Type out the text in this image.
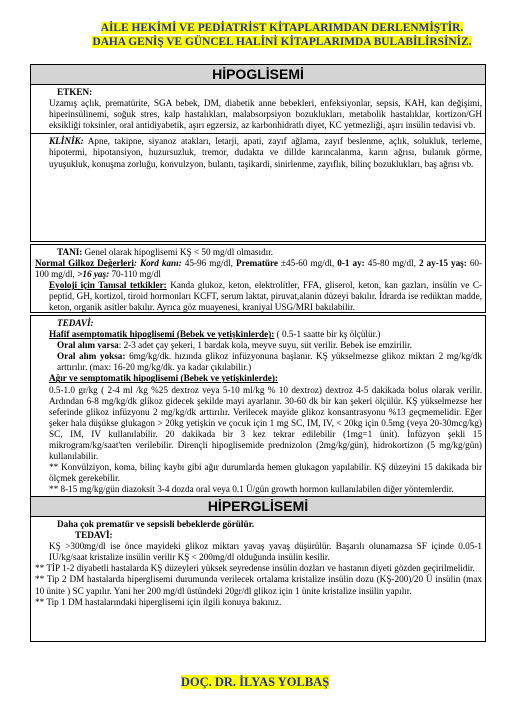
AİLE HEKİMİ VE PEDİATRİST KİTAPLARIMDAN DERLENMİŞTİR.
DAHA GENİŞ VE GÜNCEL HALİNİ KİTAPLARIMDA BULABİLİRSİNİZ.
HİPOGLİSEMİ

ETKEN:

Uzamış açlık, prematürite, SGA bebek, DM, diabetik anne bebekleri, enfeksiyonlar, sepsis, KAH, kan değişimi, hiperinsülinemi, soğuk stres, kalp hastalıkları, malabsorpsiyon bozuklukları, metabolik hastalıklar, kortizon/GH eksikliği toksinler, oral antidiyabetik, aşırı egzersiz, az karbonhidratlı diyet, KC yetmezliği, aşırı insülin tedavisi vb.

KLİNİK: Apne, takipne, siyanoz atakları, letarji, apati, zayıf ağlama, zayıf beslenme, açlık, solukluk, terleme, hipotermi, hipotansiyon, huzursuzluk, tremor, dudakta ve dillde karıncalanma, karın ağrısı, bulanık görme, uyuşukluk, konuşma zorluğu, konvulzyon, bulantı, taşikardi, sinirlenme, zayıflık, bilinç bozuklukları, baş ağrısı vb.

TANI: Genel olarak hipoglisemi KŞ < 50 mg/dl olmasıdır.

Normal Gilkoz Değerleri: Kord kanı: 45-96 mg/dl, Prematüre ±45-60 mg/dl, 0-1 ay: 45-80 mg/dl, 2 ay-15 yaş: 60-100 mg/dl, >16 yaş: 70-110 mg/dl

Eyoloji için Tanısal tetkikler: Kanda glukoz, keton, elektrolitler, FFA, gliserol, keton, kan gazları, insülin ve C-peptid, GH, kortizol, tiroid hormonları KCFT, serum laktat, piruvat,alanin düzeyi bakılır. İdrarda ise redüktan madde, keton, organik asitler bakılır. Ayrıca göz muayenesi, kraniyal USG/MRI bakılabilir.

TEDAVİ:

Hafif asemptomatik hipoglisemi (Bebek ve yetişkinlerde): ( 0.5-1 saatte bir kş ölçülür.)

Oral alım varsa: 2-3 adet çay şekeri, 1 bardak kola, meyve suyu, süt verilir. Bebek ise emzirilir.

Oral alım yoksa: 6mg/kg/dk. hızında glikoz infüzyonuna başlanır. KŞ yükselmezse glikoz miktarı 2 mg/kg/dk arttırılır. (max: 16-20 mg/kg/dk. ya kadar çıkılabilir.)

Ağır ve semptomatik hipoglisemi (Bebek ve yetişkinlerde):

0.5-1.0 gr/kg ( 2-4 ml /kg %25 dextroz veya 5-10 ml/kg % 10 dextroz) dextroz 4-5 dakikada bolus olarak verilir. Ardından 6-8 mg/kg/dk glikoz gidecek şekilde mayi ayarlanır. 30-60 dk bir kan şekeri ölçülür. KŞ yükselmezse her seferinde glikoz infüzyonu 2 mg/kg/dk arttırılır. Verilecek mayide glikoz konsantrasyonu %13 geçmemelidir. Eğer şeker hala düşükse glukagon > 20kg yetişkin ve çocuk için 1 mg SC, IM, IV, < 20kg için 0.5mg (veya 20-30mcg/kg) SC, IM, IV kullanılabilir. 20 dakikada bir 3 kez tekrar edilebilir (1mg=1 ünit). İnfüzyon şekli 15 mikrogram/kg/saat'ten verilebilir. Dirençli hipoglisemide prednizolon (2mg/kg/gün), hidrokortizon (5 mg/kg/gün) kullanılabilir.

** Konvülziyon, koma, bilinç kaybı gibi ağır durumlarda hemen glukagon yapılabilir. KŞ düzeyini 15 dakikada bir ölçmek gerekebilir.

** 8-15 mg/kg/gün diazoksit 3-4 dozda oral veya 0.1 Ü/gün growth hormon kullanılabilen diğer yöntemlerdir.

HİPERGLİSEMİ

Daha çok prematür ve sepsisli bebeklerde görülür.

TEDAVİ:

KŞ >300mg/dl ise önce mayideki glikoz miktarı yavaş yavaş düşürülür. Başarılı olunamazsa SF içinde 0.05-1 IU/kg/saat kristalize insülin verilir KŞ < 200mg/dl olduğunda insülin kesilir.

** TİP 1-2 diyabetli hastalarda KŞ düzeyleri yüksek seyredense insülin dozları ve hastanın diyeti gözden geçirilmelidir.

** Tip 2 DM hastalarda hiperglisemi durumunda verilecek ortalama kristalize insülin dozu (KŞ-200)/20 Ü insülin (max 10 ünite ) SC yapılır. Yani her 200 mg/dl üstündeki 20gr/dl glikoz için 1 ünite kristalize insülin yapılır.

** Tip 1 DM hastalarındaki hiperglisemi için ilgili konuya bakınız.

DOÇ. DR. İLYAS YOLBAŞ
